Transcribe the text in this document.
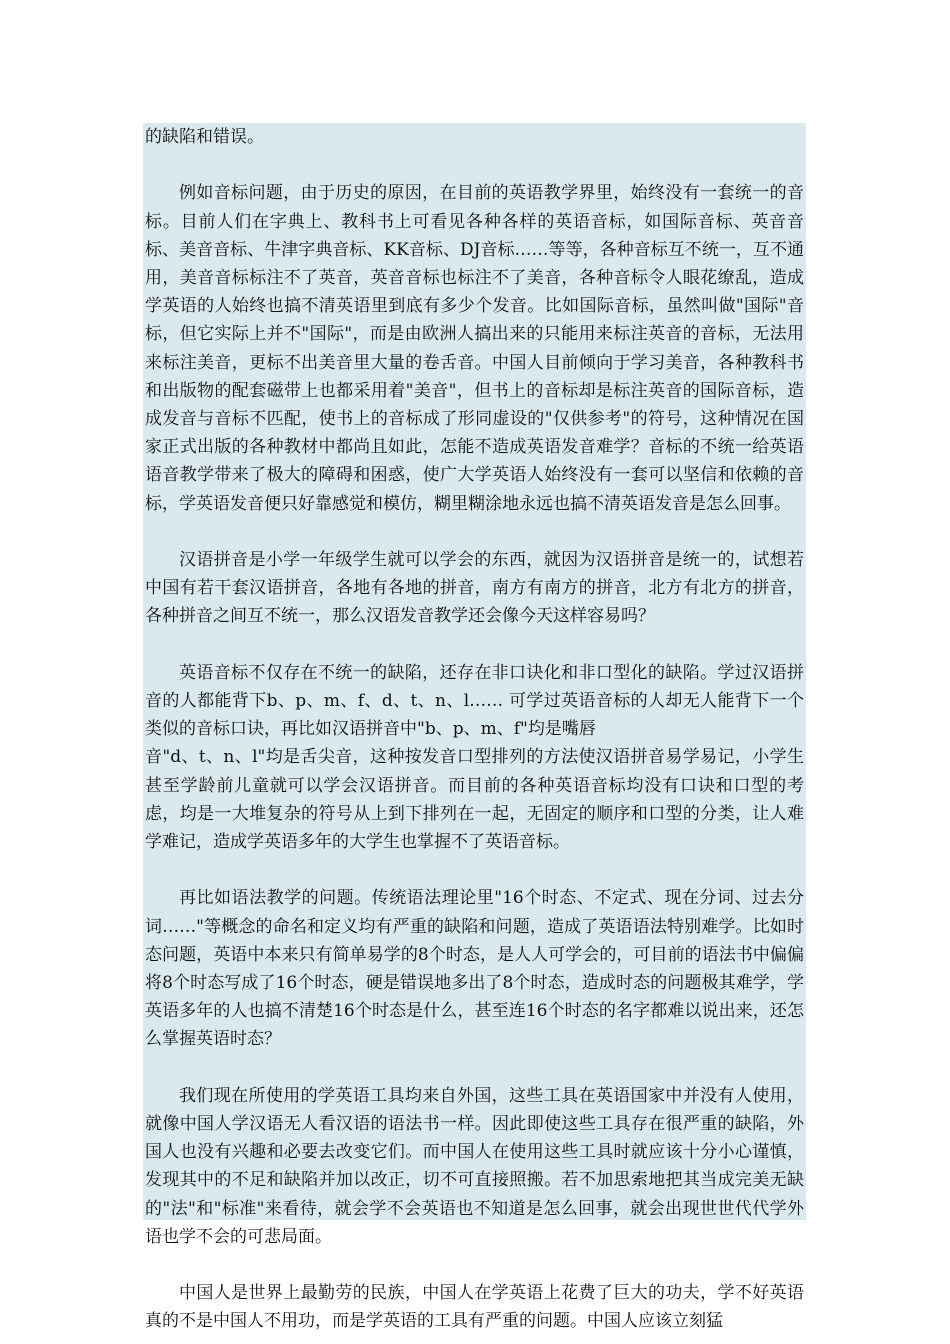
的缺陷和错误。

例如音标问题，由于历史的原因，在目前的英语教学界里，始终没有一套统一的音标。目前人们在字典上、教科书上可看见各种各样的英语音标，如国际音标、英音音标、美音音标、牛津字典音标、KK音标、DJ音标……等等，各种音标互不统一，互不通用，美音音标标注不了英音，英音音标也标注不了美音，各种音标令人眼花缭乱，造成学英语的人始终也搞不清英语里到底有多少个发音。比如国际音标，虽然叫做"国际"音标，但它实际上并不"国际"，而是由欧洲人搞出来的只能用来标注英音的音标，无法用来标注美音，更标不出美音里大量的卷舌音。中国人目前倾向于学习美音，各种教科书和出版物的配套磁带上也都采用着"美音"，但书上的音标却是标注英音的国际音标，造成发音与音标不匹配，使书上的音标成了形同虚设的"仅供参考"的符号，这种情况在国家正式出版的各种教材中都尚且如此，怎能不造成英语发音难学？音标的不统一给英语语音教学带来了极大的障碍和困惑，使广大学英语人始终没有一套可以坚信和依赖的音标，学英语发音便只好靠感觉和模仿，糊里糊涂地永远也搞不清英语发音是怎么回事。

汉语拼音是小学一年级学生就可以学会的东西，就因为汉语拼音是统一的，试想若中国有若干套汉语拼音，各地有各地的拼音，南方有南方的拼音，北方有北方的拼音，各种拼音之间互不统一，那么汉语发音教学还会像今天这样容易吗？

英语音标不仅存在不统一的缺陷，还存在非口诀化和非口型化的缺陷。学过汉语拼音的人都能背下b、p、m、f、d、t、n、l…… 可学过英语音标的人却无人能背下一个类似的音标口诀，再比如汉语拼音中"b、p、m、f"均是嘴唇

音"d、t、n、l"均是舌尖音，这种按发音口型排列的方法使汉语拼音易学易记，小学生甚至学龄前儿童就可以学会汉语拼音。而目前的各种英语音标均没有口诀和口型的考虑，均是一大堆复杂的符号从上到下排列在一起，无固定的顺序和口型的分类，让人难学难记，造成学英语多年的大学生也掌握不了英语音标。

再比如语法教学的问题。传统语法理论里"16个时态、不定式、现在分词、过去分词……"等概念的命名和定义均有严重的缺陷和问题，造成了英语语法特别难学。比如时态问题，英语中本来只有简单易学的8个时态，是人人可学会的，可目前的语法书中偏偏将8个时态写成了16个时态，硬是错误地多出了8个时态，造成时态的问题极其难学，学英语多年的人也搞不清楚16个时态是什么，甚至连16个时态的名字都难以说出来，还怎么掌握英语时态？

我们现在所使用的学英语工具均来自外国，这些工具在英语国家中并没有人使用，就像中国人学汉语无人看汉语的语法书一样。因此即使这些工具存在很严重的缺陷，外国人也没有兴趣和必要去改变它们。而中国人在使用这些工具时就应该十分小心谨慎，发现其中的不足和缺陷并加以改正，切不可直接照搬。若不加思索地把其当成完美无缺的"法"和"标准"来看待，就会学不会英语也不知道是怎么回事，就会出现世世代代学外语也学不会的可悲局面。

中国人是世界上最勤劳的民族，中国人在学英语上花费了巨大的功夫，学不好英语真的不是中国人不用功，而是学英语的工具有严重的问题。中国人应该立刻猛
